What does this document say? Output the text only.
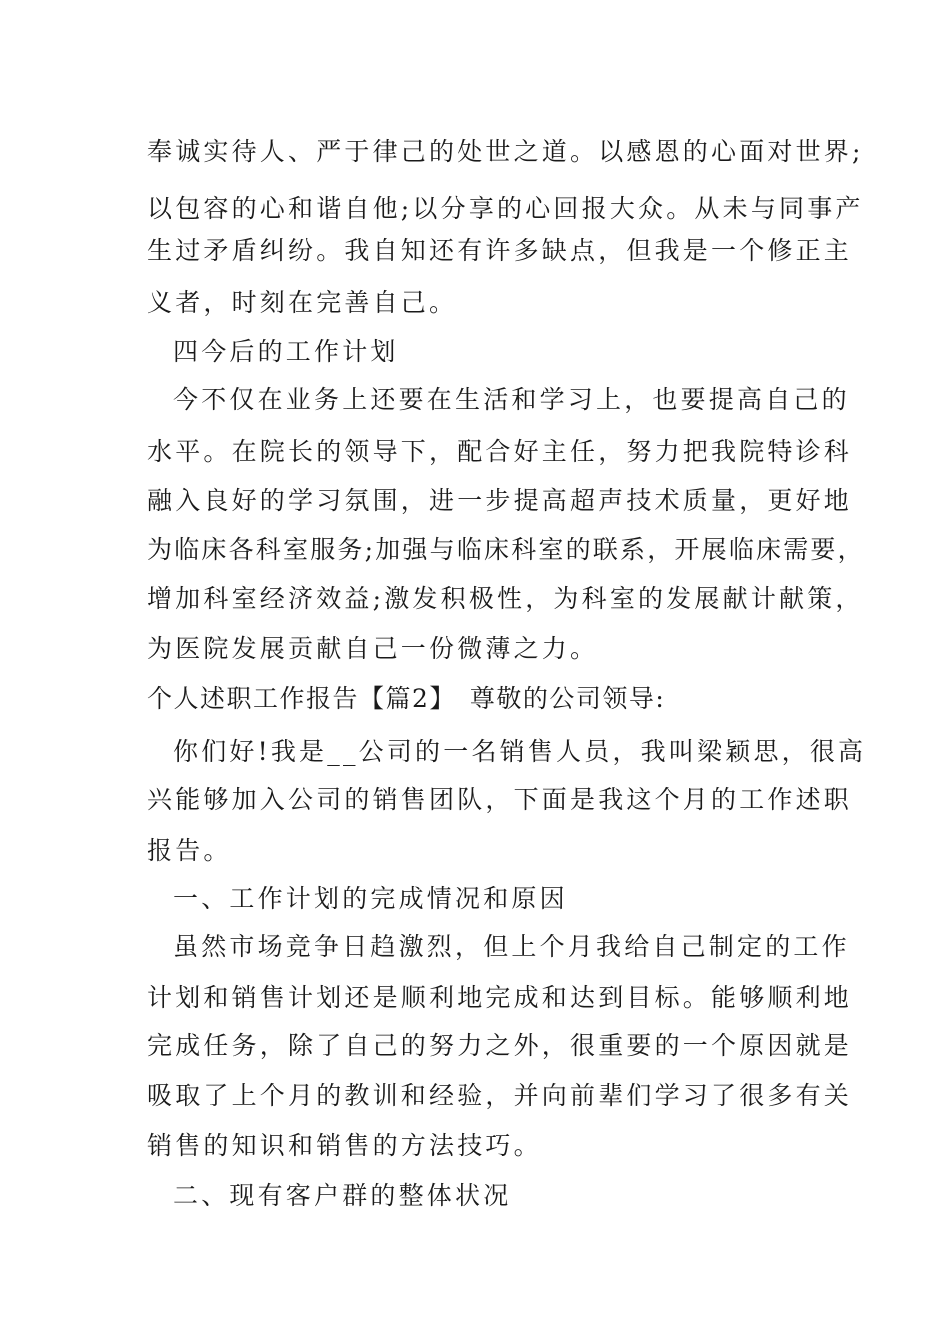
奉诚实待人、严于律己的处世之道。以感恩的心面对世界;
以包容的心和谐自他;以分享的心回报大众。从未与同事产
生过矛盾纠纷。我自知还有许多缺点，但我是一个修正主
义者，时刻在完善自己。
四今后的工作计划
今不仅在业务上还要在生活和学习上，也要提高自己的
水平。在院长的领导下，配合好主任，努力把我院特诊科
融入良好的学习氛围，进一步提高超声技术质量，更好地
为临床各科室服务;加强与临床科室的联系，开展临床需要，
增加科室经济效益;激发积极性，为科室的发展献计献策，
为医院发展贡献自己一份微薄之力。
个人述职工作报告【篇2】　尊敬的公司领导:
你们好!我是__公司的一名销售人员，我叫梁颖思，很高
兴能够加入公司的销售团队，下面是我这个月的工作述职
报告。
一、工作计划的完成情况和原因
虽然市场竞争日趋激烈，但上个月我给自己制定的工作
计划和销售计划还是顺利地完成和达到目标。能够顺利地
完成任务，除了自己的努力之外，很重要的一个原因就是
吸取了上个月的教训和经验，并向前辈们学习了很多有关
销售的知识和销售的方法技巧。
二、现有客户群的整体状况
